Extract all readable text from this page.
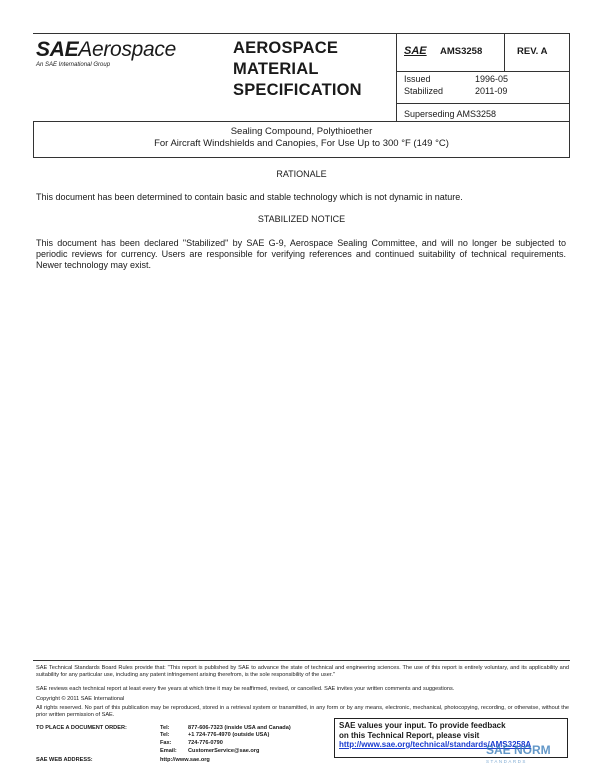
SAEAerospace
An SAE International Group
AEROSPACE
MATERIAL
SPECIFICATION
SAE AMS3258	REV. A
Issued	1996-05
Stabilized	2011-09
Superseding AMS3258
Sealing Compound, Polythioether
For Aircraft Windshields and Canopies, For Use Up to 300 °F (149 °C)
RATIONALE
This document has been determined to contain basic and stable technology which is not dynamic in nature.
STABILIZED NOTICE
This document has been declared "Stabilized" by SAE G-9, Aerospace Sealing Committee, and will no longer be subjected to periodic reviews for currency. Users are responsible for verifying references and continued suitability of technical requirements. Newer technology may exist.
SAE Technical Standards Board Rules provide that: "This report is published by SAE to advance the state of technical and engineering sciences. The use of this report is entirely voluntary, and its applicability and suitability for any particular use, including any patent infringement arising therefrom, is the sole responsibility of the user."
SAE reviews each technical report at least every five years at which time it may be reaffirmed, revised, or cancelled. SAE invites your written comments and suggestions.
Copyright © 2011 SAE International
All rights reserved. No part of this publication may be reproduced, stored in a retrieval system or transmitted, in any form or by any means, electronic, mechanical, photocopying, recording, or otherwise, without the prior written permission of SAE.
TO PLACE A DOCUMENT ORDER:	Tel:	877-606-7323 (inside USA and Canada)
Tel:	+1 724-776-4970 (outside USA)
Fax:	724-776-0790
Email: CustomerService@sae.org
SAE WEB ADDRESS:	http://www.sae.org
SAE values your input. To provide feedback
on this Technical Report, please visit
http://www.sae.org/technical/standards/AMS3258A
SAE NORM
STANDARDS
